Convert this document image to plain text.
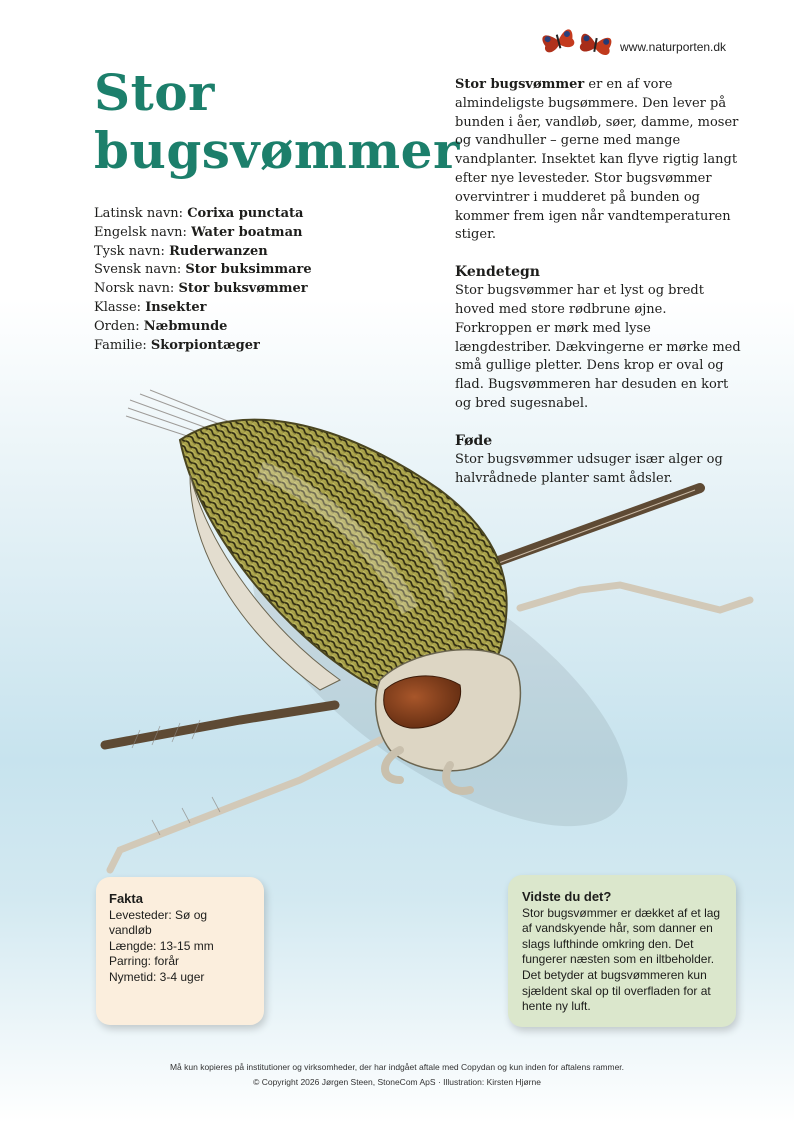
www.naturporten.dk
Stor
bugsvømmer
Latinsk navn: Corixa punctata
Engelsk navn: Water boatman
Tysk navn: Ruderwanzen
Svensk navn: Stor buksimmare
Norsk navn: Stor buksvømmer
Klasse: Insekter
Orden: Næbmunde
Familie: Skorpiontæger

Stor bugsvømmer er en af vore almindeligste bugsømmere. Den lever på bunden i åer, vandløb, søer, damme, moser og vandhuller – gerne med mange vandplanter. Insektet kan flyve rigtig langt efter nye levesteder. Stor bugsvømmer overvintrer i mudderet på bunden og kommer frem igen når vandtemperaturen stiger.

Kendetegn

Stor bugsvømmer har et lyst og bredt hoved med store rødbrune øjne. Forkroppen er mørk med lyse længdestriber. Dækvingerne er mørke med små gullige pletter. Dens krop er oval og flad. Bugsvømmeren har desuden en kort og bred sugesnabel.

Føde

Stor bugsvømmer udsuger især alger og halvrådnede planter samt ådsler.

Fakta
Levesteder: Sø og
vandløb
Længde: 13-15 mm
Parring: forår
Nymetid: 3-4 uger
Vidste du det?
Stor bugsvømmer er dækket af et lag af vandskyende hår, som danner en slags lufthinde omkring den. Det fungerer næsten som en iltbeholder. Det betyder at bugsvømmeren kun sjældent skal op til overfladen for at hente ny luft.
Må kun kopieres på institutioner og virksomheder, der har indgået aftale med Copydan og kun inden for aftalens rammer.
© Copyright 2026 Jørgen Steen, StoneCom ApS · Illustration: Kirsten Hjørne
